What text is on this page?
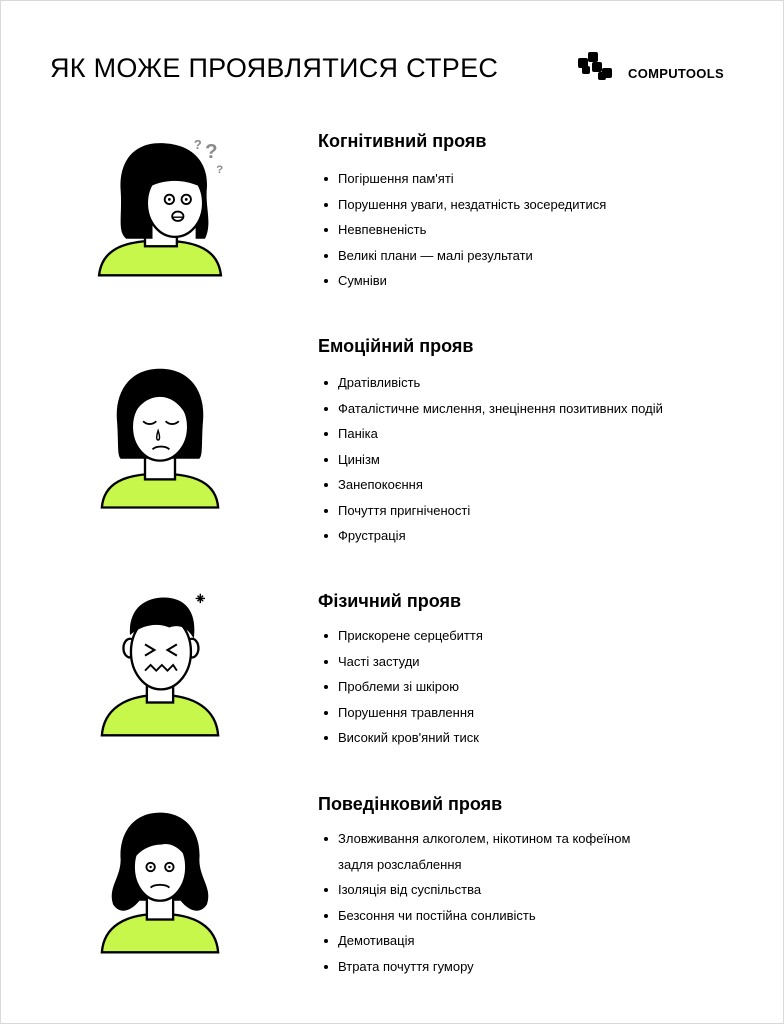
ЯК МОЖЕ ПРОЯВЛЯТИСЯ СТРЕС	COMPUTOOLS
? ?
?
Когнітивний прояв
Погіршення пам'яті
Порушення уваги, нездатність зосередитися
Невпевненість
Великі плани — малі результати
Сумніви
Емоційний прояв
Дратівливість
Фаталістичне мислення, знецінення позитивних подій
Паніка
Цинізм
Занепокоєння
Почуття пригніченості
Фрустрація
Фізичний прояв
Прискорене серцебиття
Часті застуди
Проблеми зі шкірою
Порушення травлення
Високий кров'яний тиск
Поведінковий прояв
Зловживання алкоголем, нікотином та кофеїном
задля розслаблення
Ізоляція від суспільства
Безсоння чи постійна сонливість
Демотивація
Втрата почуття гумору
